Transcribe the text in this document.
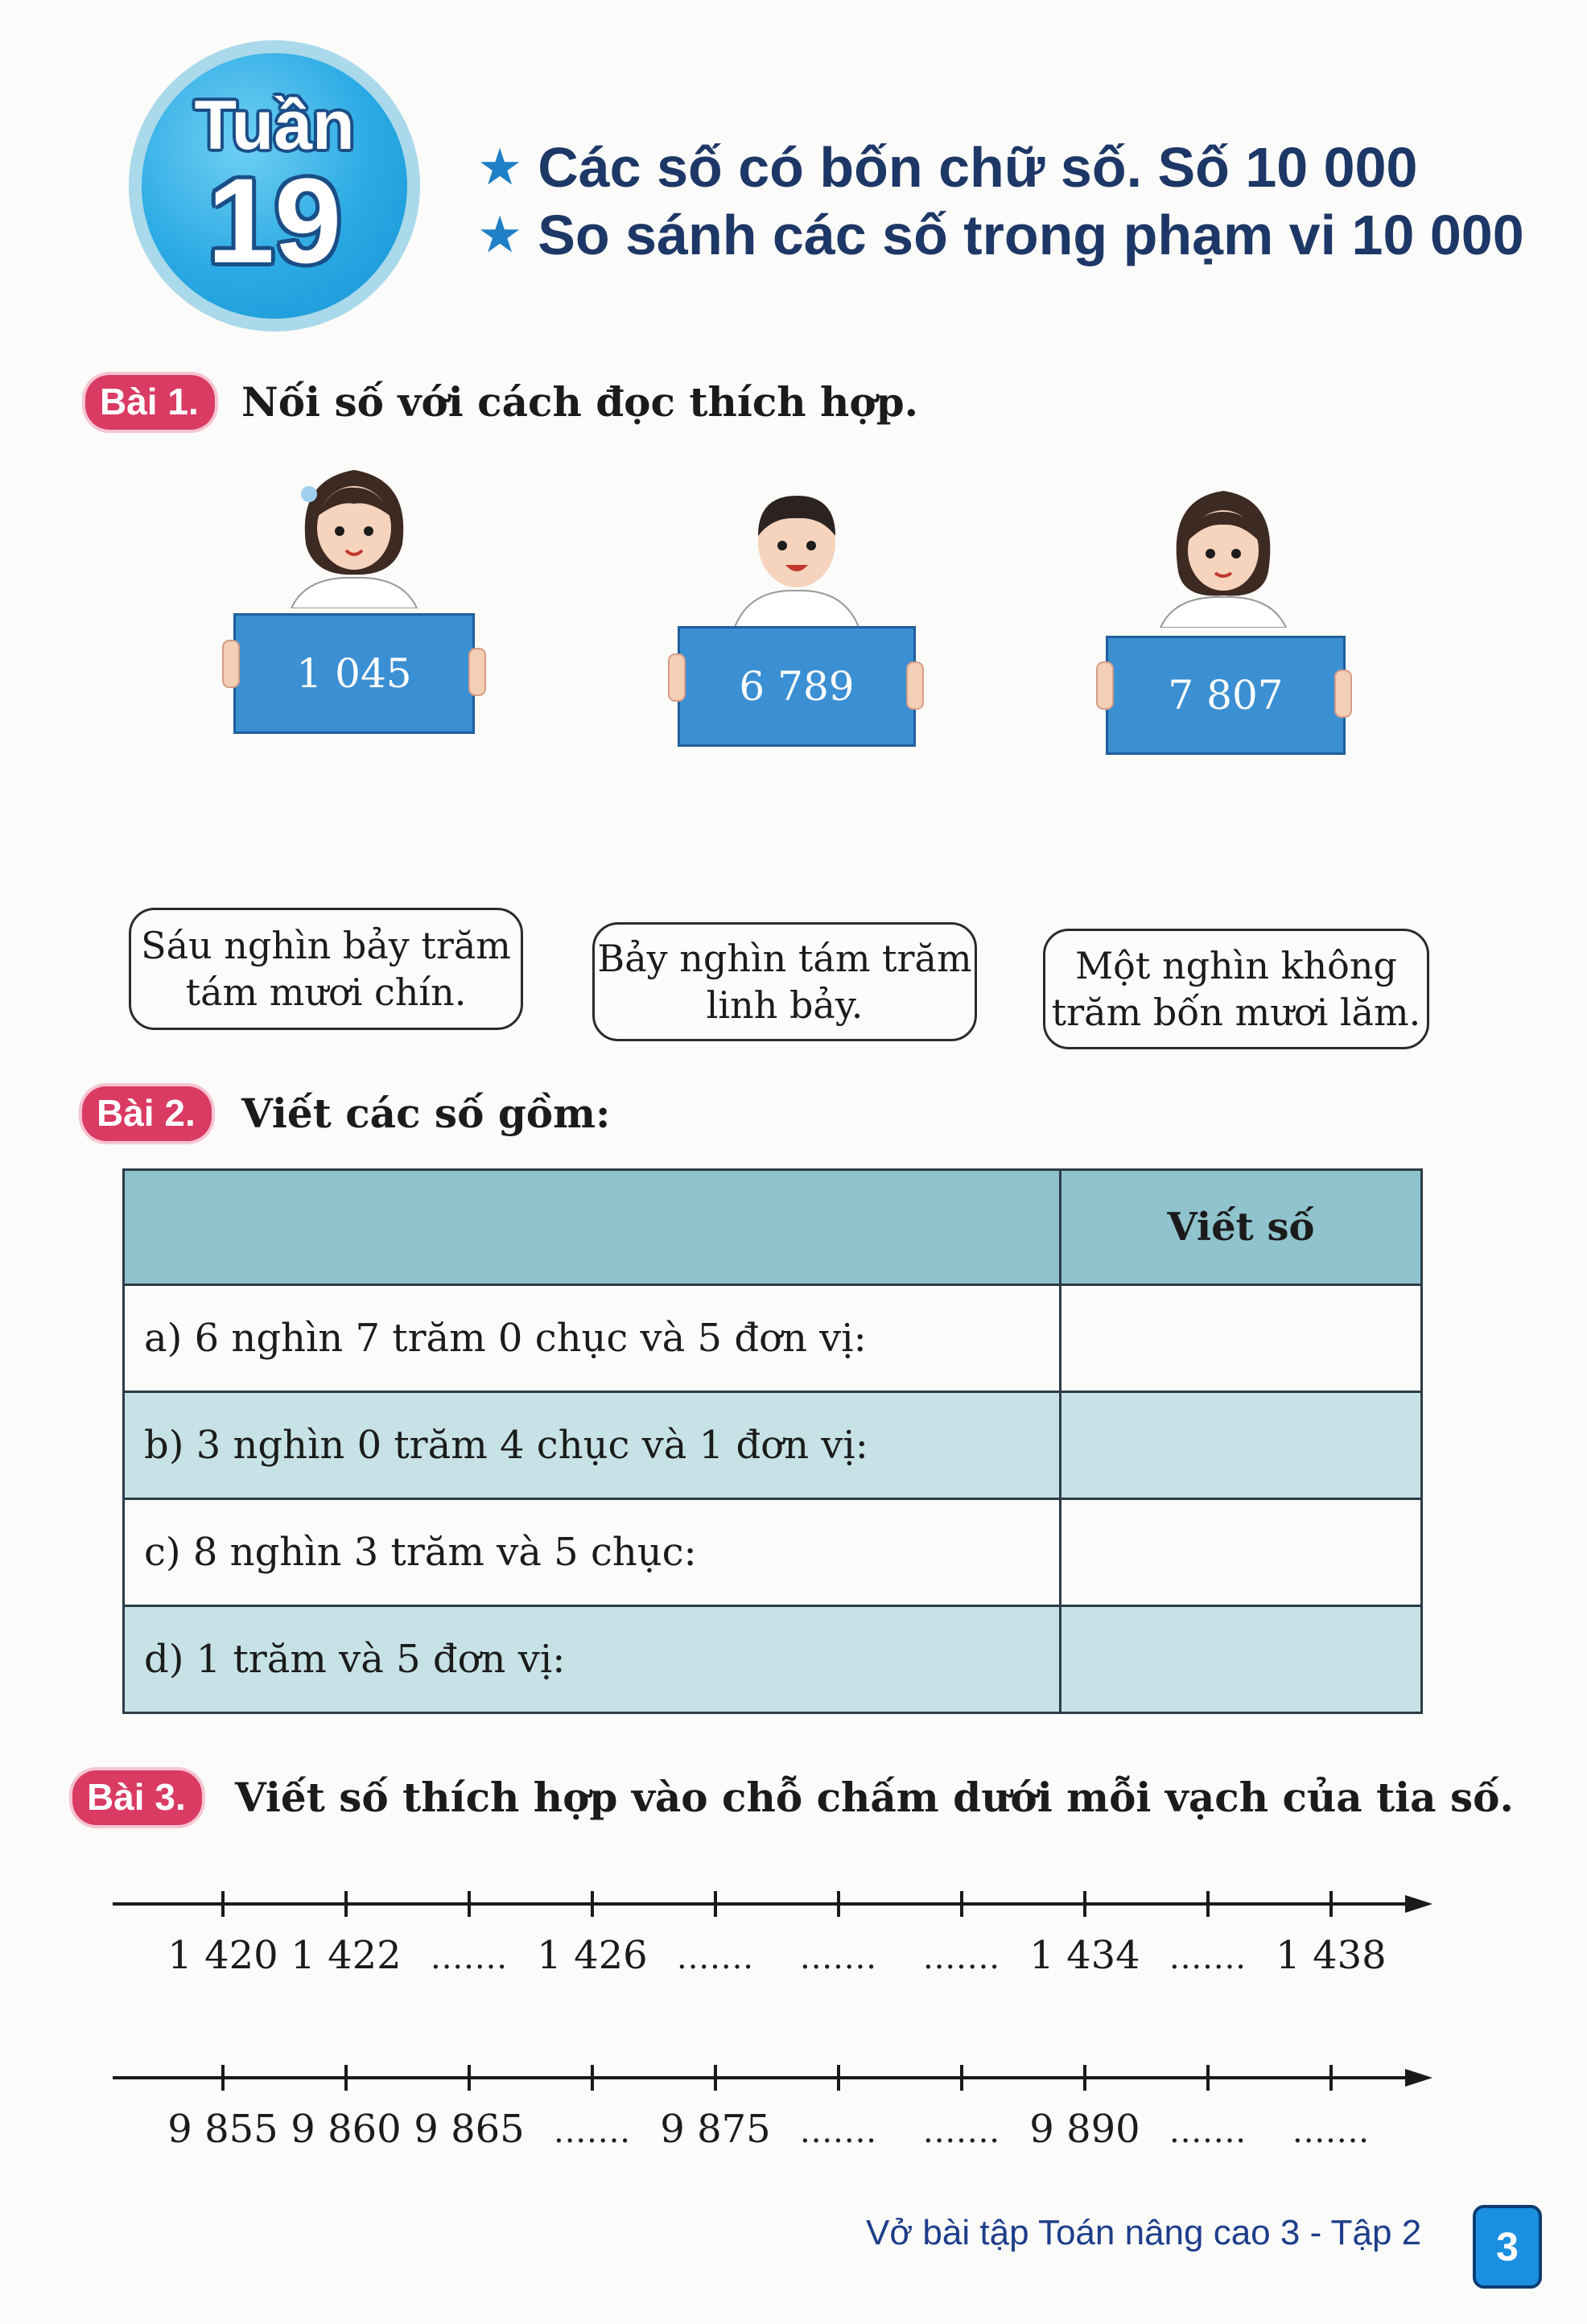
Tuần
19	★ Các số có bốn chữ số. Số 10 000
★ So sánh các số trong phạm vi 10 000
Bài 1.	Nối số với cách đọc thích hợp.
1 045	6 789	7 807
Sáu nghìn bảy trăm
tám mươi chín.
Bảy nghìn tám trăm
linh bảy.
Một nghìn không
trăm bốn mươi lăm.
Bài 2.	Viết các số gồm:
	Viết số
a) 6 nghìn 7 trăm 0 chục và 5 đơn vị:	
b) 3 nghìn 0 trăm 4 chục và 1 đơn vị:	
c) 8 nghìn 3 trăm và 5 chục:	
d) 1 trăm và 5 đơn vị:	
Bài 3.	Viết số thích hợp vào chỗ chấm dưới mỗi vạch của tia số.
1 420 1 422 ....... 1 426 ....... ....... ....... 1 434 ....... 1 438
9 855 9 860 9 865 ....... 9 875 ....... ....... 9 890 ....... .......
Vở bài tập Toán nâng cao 3 - Tập 2	3
